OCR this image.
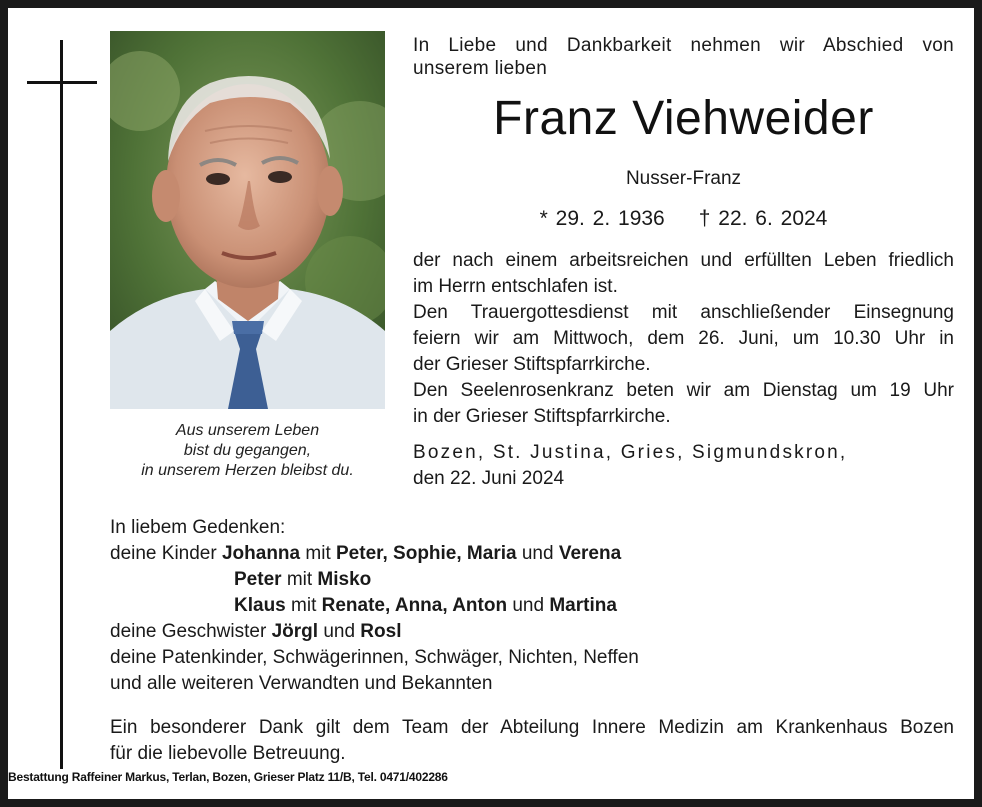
Aus unserem Leben
bist du gegangen,
in unserem Herzen bleibst du.
In Liebe und Dankbarkeit nehmen wir Abschied von
unserem lieben
Franz Viehweider
Nusser-Franz
* 29. 2. 1936 † 22. 6. 2024
der nach einem arbeitsreichen und erfüllten Leben friedlich
im Herrn entschlafen ist.
Den Trauergottesdienst mit anschließender Einsegnung
feiern wir am Mittwoch, dem 26. Juni, um 10.30 Uhr in
der Grieser Stiftspfarrkirche.
Den Seelenrosenkranz beten wir am Dienstag um 19 Uhr
in der Grieser Stiftspfarrkirche.
Bozen, St. Justina, Gries, Sigmundskron,
den 22. Juni 2024
In liebem Gedenken:
deine Kinder Johanna mit Peter, Sophie, Maria und Verena
Peter mit Misko
Klaus mit Renate, Anna, Anton und Martina
deine Geschwister Jörgl und Rosl
deine Patenkinder, Schwägerinnen, Schwäger, Nichten, Neffen
und alle weiteren Verwandten und Bekannten
Ein besonderer Dank gilt dem Team der Abteilung Innere Medizin am Krankenhaus Bozen
für die liebevolle Betreuung.
Bestattung Raffeiner Markus, Terlan, Bozen, Grieser Platz 11/B, Tel. 0471/402286
